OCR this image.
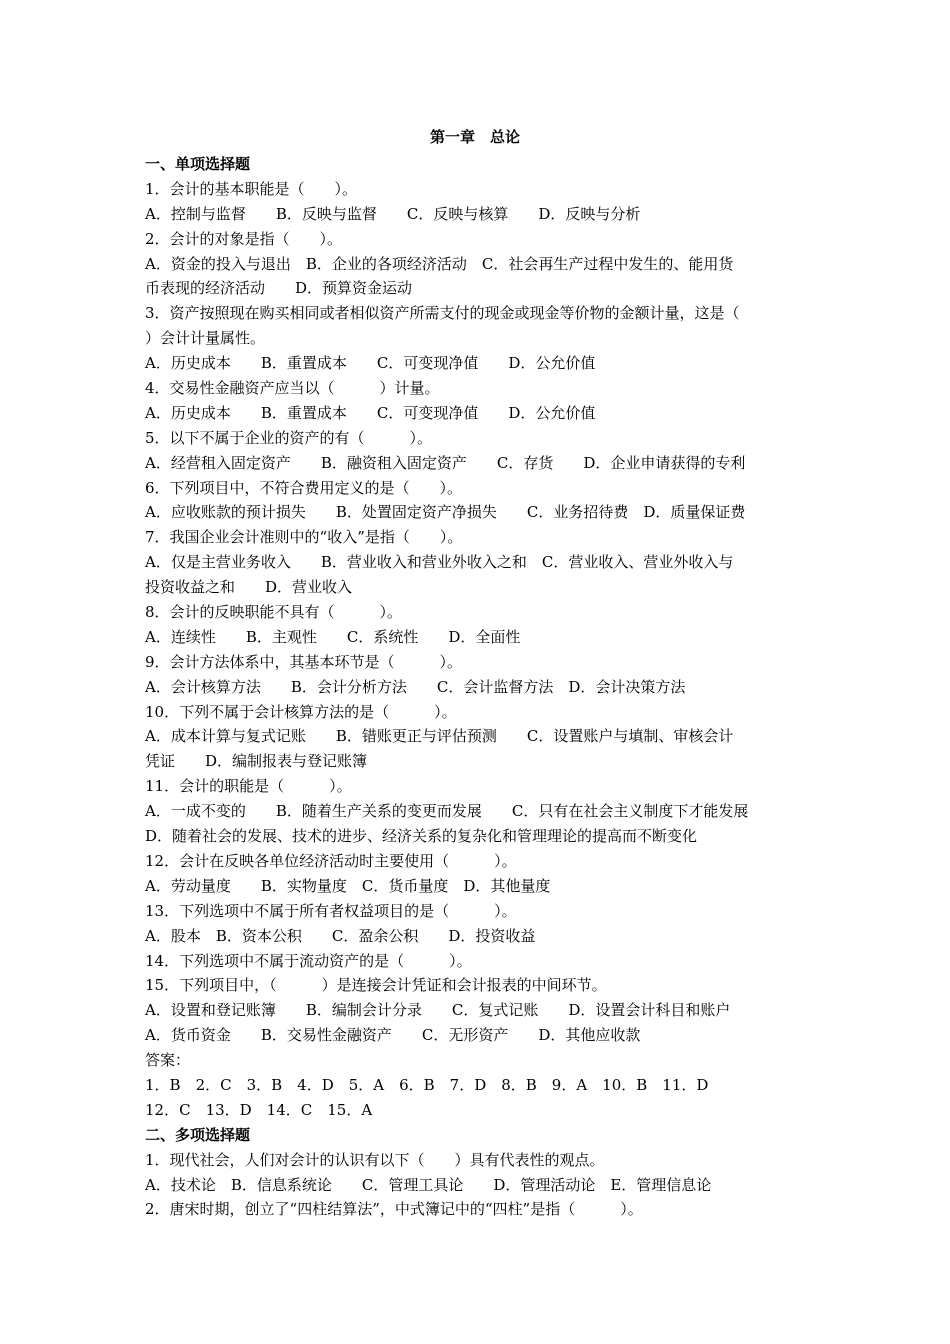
第一章　总论
一、单项选择题
1．会计的基本职能是（　　）。
A．控制与监督　　B．反映与监督　　C．反映与核算　　D．反映与分析
2．会计的对象是指（　　）。
A．资金的投入与退出　B．企业的各项经济活动　C．社会再生产过程中发生的、能用货
币表现的经济活动　　D．预算资金运动
3．资产按照现在购买相同或者相似资产所需支付的现金或现金等价物的金额计量，这是（
）会计计量属性。
A．历史成本　　B．重置成本　　C．可变现净值　　D．公允价值
4．交易性金融资产应当以（　　　）计量。
A．历史成本　　B．重置成本　　C．可变现净值　　D．公允价值
5．以下不属于企业的资产的有（　　　）。
A．经营租入固定资产　　B．融资租入固定资产　　C．存货　　D．企业申请获得的专利
6．下列项目中，不符合费用定义的是（　　）。
A．应收账款的预计损失　　B．处置固定资产净损失　　C．业务招待费　D．质量保证费
7．我国企业会计准则中的“收入”是指（　　）。
A．仅是主营业务收入　　B．营业收入和营业外收入之和　C．营业收入、营业外收入与
投资收益之和　　D．营业收入
8．会计的反映职能不具有（　　　）。
A．连续性　　B．主观性　　C．系统性　　D．全面性
9．会计方法体系中，其基本环节是（　　　）。
A．会计核算方法　　B．会计分析方法　　C．会计监督方法　D．会计决策方法
10．下列不属于会计核算方法的是（　　　）。
A．成本计算与复式记账　　B．错账更正与评估预测　　C．设置账户与填制、审核会计
凭证　　D．编制报表与登记账簿
11．会计的职能是（　　　）。
A．一成不变的　　B．随着生产关系的变更而发展　　C．只有在社会主义制度下才能发展
D．随着社会的发展、技术的进步、经济关系的复杂化和管理理论的提高而不断变化
12．会计在反映各单位经济活动时主要使用（　　　）。
A．劳动量度　　B．实物量度　C．货币量度　D．其他量度
13．下列选项中不属于所有者权益项目的是（　　　）。
A．股本　B．资本公积　　C．盈余公积　　D．投资收益
14．下列选项中不属于流动资产的是（　　　）。
15．下列项目中，（　　　）是连接会计凭证和会计报表的中间环节。
A．设置和登记账簿　　B．编制会计分录　　C．复式记账　　D．设置会计科目和账户
A．货币资金　　B．交易性金融资产　　C．无形资产　　D．其他应收款
答案：
1．B　2．C　3．B　4．D　5．A　6．B　7．D　8．B　9．A　10．B　11．D
12．C　13．D　14．C　15．A
二、多项选择题
1．现代社会，人们对会计的认识有以下（　　）具有代表性的观点。
A．技术论　B．信息系统论　　C．管理工具论　　D．管理活动论　E．管理信息论
2．唐宋时期，创立了“四柱结算法”，中式簿记中的“四柱”是指（　　　）。
